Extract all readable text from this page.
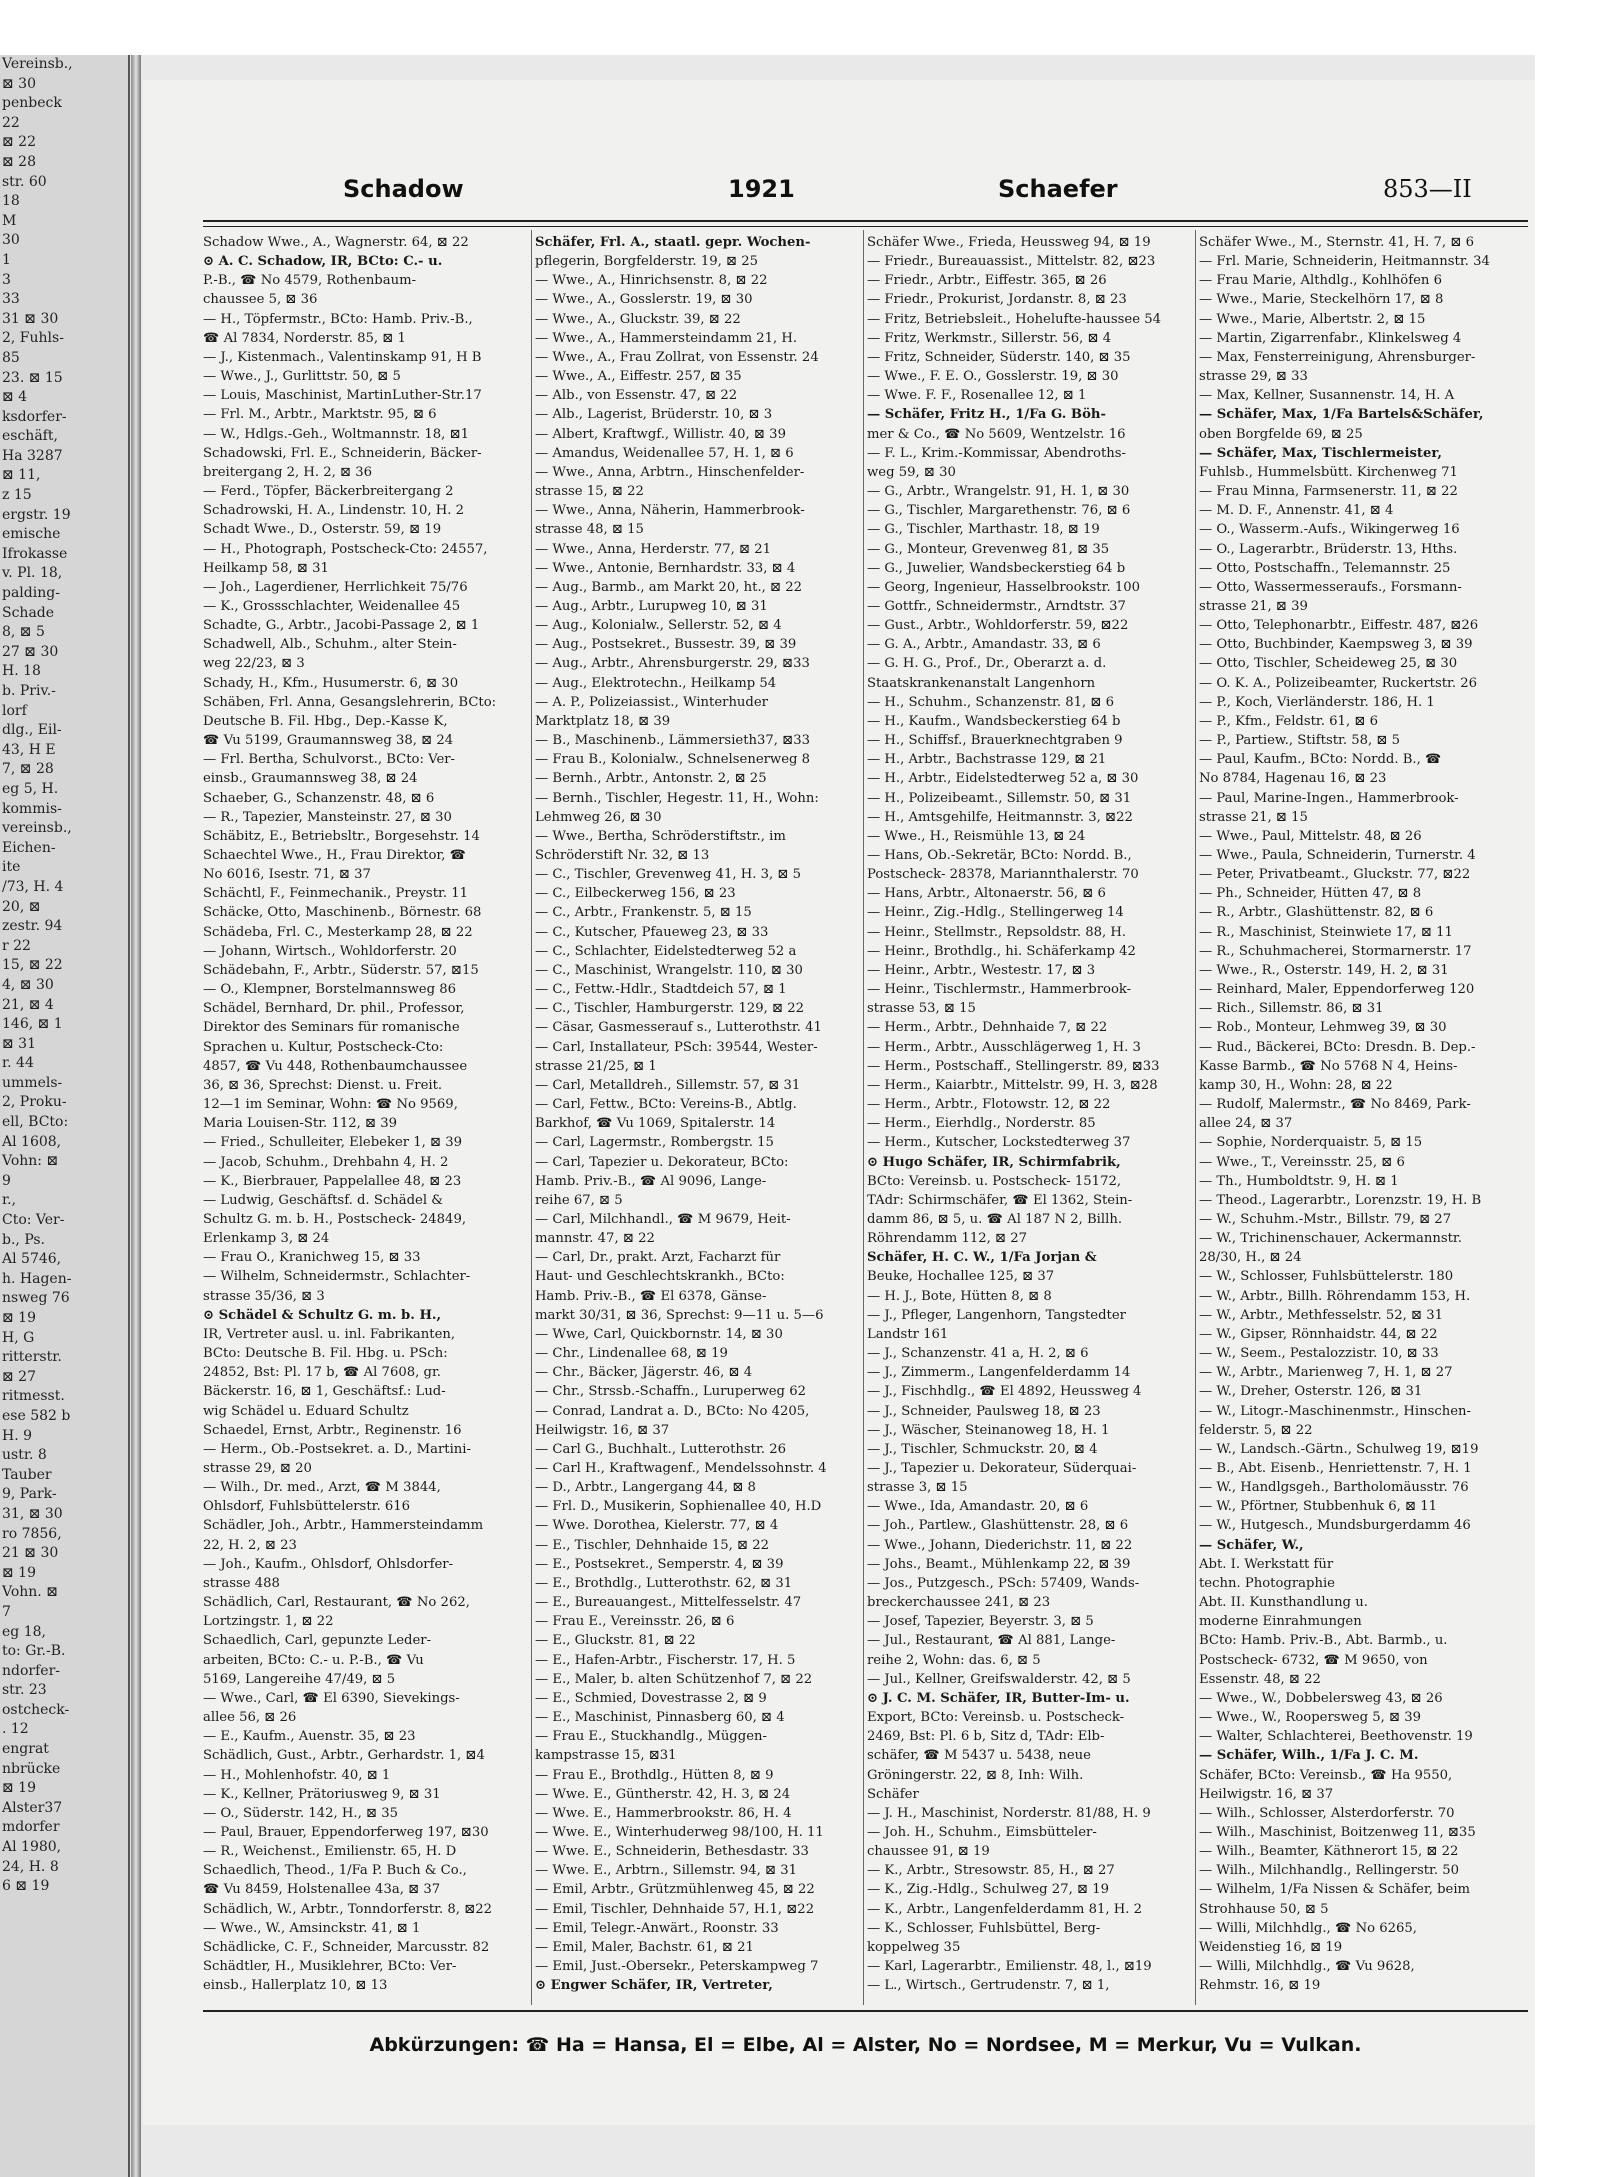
Vereinsb.,
⊠ 30
penbeck
22
⊠ 22
⊠ 28
str. 60
18
M
30
1
3
33
31 ⊠ 30
2, Fuhls-
85
23. ⊠ 15
⊠ 4
ksdorfer-
eschäft,
Ha 3287
⊠ 11,
z 15
ergstr. 19
emische
Ifrokasse
v. Pl. 18,
palding-
Schade
8, ⊠ 5
27 ⊠ 30
H. 18
b. Priv.-
lorf
dlg., Eil-
43, H E
7, ⊠ 28
eg 5, H.
kommis-
vereinsb.,
Eichen-
ite
/73, H. 4
20, ⊠
zestr. 94
r 22
15, ⊠ 22
4, ⊠ 30
21, ⊠ 4
146, ⊠ 1
⊠ 31
r. 44
ummels-
2, Proku-
ell, BCto:
Al 1608,
Vohn: ⊠
9
r.,
Cto: Ver-
b., Ps.
Al 5746,
h. Hagen-
nsweg 76
⊠ 19
H, G
ritterstr.
⊠ 27
ritmesst.
ese 582 b
H. 9
ustr. 8
Tauber
9, Park-
31, ⊠ 30
ro 7856,
21 ⊠ 30
⊠ 19
Vohn. ⊠
7
eg 18,
to: Gr.-B.
ndorfer-
str. 23
ostcheck-
. 12
engrat
nbrücke
⊠ 19
Alster37
mdorfer
Al 1980,
24, H. 8
6 ⊠ 19
Schadow	1921	Schaefer	853—II
Schadow Wwe., A., Wagnerstr. 64, ⊠ 22
⊙ A. C. Schadow, IR, BCto: C.- u.
P.-B., ☎ No 4579, Rothenbaum-
chaussee 5, ⊠ 36
— H., Töpfermstr., BCto: Hamb. Priv.-B.,
☎ Al 7834, Norderstr. 85, ⊠ 1
— J., Kistenmach., Valentinskamp 91, H B
— Wwe., J., Gurlittstr. 50, ⊠ 5
— Louis, Maschinist, MartinLuther-Str.17
— Frl. M., Arbtr., Marktstr. 95, ⊠ 6
— W., Hdlgs.-Geh., Woltmannstr. 18, ⊠1
Schadowski, Frl. E., Schneiderin, Bäcker-
breitergang 2, H. 2, ⊠ 36
— Ferd., Töpfer, Bäckerbreitergang 2
Schadrowski, H. A., Lindenstr. 10, H. 2
Schadt Wwe., D., Osterstr. 59, ⊠ 19
— H., Photograph, Postscheck-Cto: 24557,
Heilkamp 58, ⊠ 31
— Joh., Lagerdiener, Herrlichkeit 75/76
— K., Grossschlachter, Weidenallee 45
Schadte, G., Arbtr., Jacobi-Passage 2, ⊠ 1
Schadwell, Alb., Schuhm., alter Stein-
weg 22/23, ⊠ 3
Schady, H., Kfm., Husumerstr. 6, ⊠ 30
Schäben, Frl. Anna, Gesangslehrerin, BCto:
Deutsche B. Fil. Hbg., Dep.-Kasse K,
☎ Vu 5199, Graumannsweg 38, ⊠ 24
— Frl. Bertha, Schulvorst., BCto: Ver-
einsb., Graumannsweg 38, ⊠ 24
Schaeber, G., Schanzenstr. 48, ⊠ 6
— R., Tapezier, Mansteinstr. 27, ⊠ 30
Schäbitz, E., Betriebsltr., Borgesehstr. 14
Schaechtel Wwe., H., Frau Direktor, ☎
No 6016, Isestr. 71, ⊠ 37
Schächtl, F., Feinmechanik., Preystr. 11
Schäcke, Otto, Maschinenb., Börnestr. 68
Schädeba, Frl. C., Mesterkamp 28, ⊠ 22
— Johann, Wirtsch., Wohldorferstr. 20
Schädebahn, F., Arbtr., Süderstr. 57, ⊠15
— O., Klempner, Borstelmannsweg 86
Schädel, Bernhard, Dr. phil., Professor,
Direktor des Seminars für romanische
Sprachen u. Kultur, Postscheck-Cto:
4857, ☎ Vu 448, Rothenbaumchaussee
36, ⊠ 36, Sprechst: Dienst. u. Freit.
12—1 im Seminar, Wohn: ☎ No 9569,
Maria Louisen-Str. 112, ⊠ 39
— Fried., Schulleiter, Elebeker 1, ⊠ 39
— Jacob, Schuhm., Drehbahn 4, H. 2
— K., Bierbrauer, Pappelallee 48, ⊠ 23
— Ludwig, Geschäftsf. d. Schädel &
Schultz G. m. b. H., Postscheck- 24849,
Erlenkamp 3, ⊠ 24
— Frau O., Kranichweg 15, ⊠ 33
— Wilhelm, Schneidermstr., Schlachter-
strasse 35/36, ⊠ 3
⊙ Schädel & Schultz G. m. b. H.,
IR, Vertreter ausl. u. inl. Fabrikanten,
BCto: Deutsche B. Fil. Hbg. u. PSch:
24852, Bst: Pl. 17 b, ☎ Al 7608, gr.
Bäckerstr. 16, ⊠ 1, Geschäftsf.: Lud-
wig Schädel u. Eduard Schultz
Schaedel, Ernst, Arbtr., Reginenstr. 16
— Herm., Ob.-Postsekret. a. D., Martini-
strasse 29, ⊠ 20
— Wilh., Dr. med., Arzt, ☎ M 3844,
Ohlsdorf, Fuhlsbüttelerstr. 616
Schädler, Joh., Arbtr., Hammersteindamm
22, H. 2, ⊠ 23
— Joh., Kaufm., Ohlsdorf, Ohlsdorfer-
strasse 488
Schädlich, Carl, Restaurant, ☎ No 262,
Lortzingstr. 1, ⊠ 22
Schaedlich, Carl, gepunzte Leder-
arbeiten, BCto: C.- u. P.-B., ☎ Vu
5169, Langereihe 47/49, ⊠ 5
— Wwe., Carl, ☎ El 6390, Sievekings-
allee 56, ⊠ 26
— E., Kaufm., Auenstr. 35, ⊠ 23
Schädlich, Gust., Arbtr., Gerhardstr. 1, ⊠4
— H., Mohlenhofstr. 40, ⊠ 1
— K., Kellner, Prätoriusweg 9, ⊠ 31
— O., Süderstr. 142, H., ⊠ 35
— Paul, Brauer, Eppendorferweg 197, ⊠30
— R., Weichenst., Emilienstr. 65, H. D
Schaedlich, Theod., 1/Fa P. Buch & Co.,
☎ Vu 8459, Holstenallee 43a, ⊠ 37
Schädlich, W., Arbtr., Tonndorferstr. 8, ⊠22
— Wwe., W., Amsinckstr. 41, ⊠ 1
Schädlicke, C. F., Schneider, Marcusstr. 82
Schädtler, H., Musiklehrer, BCto: Ver-
einsb., Hallerplatz 10, ⊠ 13
Schäfer, Frl. A., staatl. gepr. Wochen-
pflegerin, Borgfelderstr. 19, ⊠ 25
— Wwe., A., Hinrichsenstr. 8, ⊠ 22
— Wwe., A., Gosslerstr. 19, ⊠ 30
— Wwe., A., Gluckstr. 39, ⊠ 22
— Wwe., A., Hammersteindamm 21, H.
— Wwe., A., Frau Zollrat, von Essenstr. 24
— Wwe., A., Eiffestr. 257, ⊠ 35
— Alb., von Essenstr. 47, ⊠ 22
— Alb., Lagerist, Brüderstr. 10, ⊠ 3
— Albert, Kraftwgf., Willistr. 40, ⊠ 39
— Amandus, Weidenallee 57, H. 1, ⊠ 6
— Wwe., Anna, Arbtrn., Hinschenfelder-
strasse 15, ⊠ 22
— Wwe., Anna, Näherin, Hammerbrook-
strasse 48, ⊠ 15
— Wwe., Anna, Herderstr. 77, ⊠ 21
— Wwe., Antonie, Bernhardstr. 33, ⊠ 4
— Aug., Barmb., am Markt 20, ht., ⊠ 22
— Aug., Arbtr., Lurupweg 10, ⊠ 31
— Aug., Kolonialw., Sellerstr. 52, ⊠ 4
— Aug., Postsekret., Bussestr. 39, ⊠ 39
— Aug., Arbtr., Ahrensburgerstr. 29, ⊠33
— Aug., Elektrotechn., Heilkamp 54
— A. P., Polizeiassist., Winterhuder
Marktplatz 18, ⊠ 39
— B., Maschinenb., Lämmersieth37, ⊠33
— Frau B., Kolonialw., Schnelsenerweg 8
— Bernh., Arbtr., Antonstr. 2, ⊠ 25
— Bernh., Tischler, Hegestr. 11, H., Wohn:
Lehmweg 26, ⊠ 30
— Wwe., Bertha, Schröderstiftstr., im
Schröderstift Nr. 32, ⊠ 13
— C., Tischler, Grevenweg 41, H. 3, ⊠ 5
— C., Eilbeckerweg 156, ⊠ 23
— C., Arbtr., Frankenstr. 5, ⊠ 15
— C., Kutscher, Pfaueweg 23, ⊠ 33
— C., Schlachter, Eidelstedterweg 52 a
— C., Maschinist, Wrangelstr. 110, ⊠ 30
— C., Fettw.-Hdlr., Stadtdeich 57, ⊠ 1
— C., Tischler, Hamburgerstr. 129, ⊠ 22
— Cäsar, Gasmesserauf s., Lutterothstr. 41
— Carl, Installateur, PSch: 39544, Wester-
strasse 21/25, ⊠ 1
— Carl, Metalldreh., Sillemstr. 57, ⊠ 31
— Carl, Fettw., BCto: Vereins-B., Abtlg.
Barkhof, ☎ Vu 1069, Spitalerstr. 14
— Carl, Lagermstr., Rombergstr. 15
— Carl, Tapezier u. Dekorateur, BCto:
Hamb. Priv.-B., ☎ Al 9096, Lange-
reihe 67, ⊠ 5
— Carl, Milchhandl., ☎ M 9679, Heit-
mannstr. 47, ⊠ 22
— Carl, Dr., prakt. Arzt, Facharzt für
Haut- und Geschlechtskrankh., BCto:
Hamb. Priv.-B., ☎ El 6378, Gänse-
markt 30/31, ⊠ 36, Sprechst: 9—11 u. 5—6
— Wwe, Carl, Quickbornstr. 14, ⊠ 30
— Chr., Lindenallee 68, ⊠ 19
— Chr., Bäcker, Jägerstr. 46, ⊠ 4
— Chr., Strssb.-Schaffn., Luruperweg 62
— Conrad, Landrat a. D., BCto: No 4205,
Heilwigstr. 16, ⊠ 37
— Carl G., Buchhalt., Lutterothstr. 26
— Carl H., Kraftwagenf., Mendelssohnstr. 4
— D., Arbtr., Langergang 44, ⊠ 8
— Frl. D., Musikerin, Sophienallee 40, H.D
— Wwe. Dorothea, Kielerstr. 77, ⊠ 4
— E., Tischler, Dehnhaide 15, ⊠ 22
— E., Postsekret., Semperstr. 4, ⊠ 39
— E., Brothdlg., Lutterothstr. 62, ⊠ 31
— E., Bureauangest., Mittelfesselstr. 47
— Frau E., Vereinsstr. 26, ⊠ 6
— E., Gluckstr. 81, ⊠ 22
— E., Hafen-Arbtr., Fischerstr. 17, H. 5
— E., Maler, b. alten Schützenhof 7, ⊠ 22
— E., Schmied, Dovestrasse 2, ⊠ 9
— E., Maschinist, Pinnasberg 60, ⊠ 4
— Frau E., Stuckhandlg., Müggen-
kampstrasse 15, ⊠31
— Frau E., Brothdlg., Hütten 8, ⊠ 9
— Wwe. E., Güntherstr. 42, H. 3, ⊠ 24
— Wwe. E., Hammerbrookstr. 86, H. 4
— Wwe. E., Winterhuderweg 98/100, H. 11
— Wwe. E., Schneiderin, Bethesdastr. 33
— Wwe. E., Arbtrn., Sillemstr. 94, ⊠ 31
— Emil, Arbtr., Grützmühlenweg 45, ⊠ 22
— Emil, Tischler, Dehnhaide 57, H.1, ⊠22
— Emil, Telegr.-Anwärt., Roonstr. 33
— Emil, Maler, Bachstr. 61, ⊠ 21
— Emil, Just.-Obersekr., Peterskampweg 7
⊙ Engwer Schäfer, IR, Vertreter,
Schäfer Wwe., Frieda, Heussweg 94, ⊠ 19
— Friedr., Bureauassist., Mittelstr. 82, ⊠23
— Friedr., Arbtr., Eiffestr. 365, ⊠ 26
— Friedr., Prokurist, Jordanstr. 8, ⊠ 23
— Fritz, Betriebsleit., Hohelufte-haussee 54
— Fritz, Werkmstr., Sillerstr. 56, ⊠ 4
— Fritz, Schneider, Süderstr. 140, ⊠ 35
— Wwe., F. E. O., Gosslerstr. 19, ⊠ 30
— Wwe. F. F., Rosenallee 12, ⊠ 1
— Schäfer, Fritz H., 1/Fa G. Böh-
mer & Co., ☎ No 5609, Wentzelstr. 16
— F. L., Krim.-Kommissar, Abendroths-
weg 59, ⊠ 30
— G., Arbtr., Wrangelstr. 91, H. 1, ⊠ 30
— G., Tischler, Margarethenstr. 76, ⊠ 6
— G., Tischler, Marthastr. 18, ⊠ 19
— G., Monteur, Grevenweg 81, ⊠ 35
— G., Juwelier, Wandsbeckerstieg 64 b
— Georg, Ingenieur, Hasselbrookstr. 100
— Gottfr., Schneidermstr., Arndtstr. 37
— Gust., Arbtr., Wohldorferstr. 59, ⊠22
— G. A., Arbtr., Amandastr. 33, ⊠ 6
— G. H. G., Prof., Dr., Oberarzt a. d.
Staatskrankenanstalt Langenhorn
— H., Schuhm., Schanzenstr. 81, ⊠ 6
— H., Kaufm., Wandsbeckerstieg 64 b
— H., Schiffsf., Brauerknechtgraben 9
— H., Arbtr., Bachstrasse 129, ⊠ 21
— H., Arbtr., Eidelstedterweg 52 a, ⊠ 30
— H., Polizeibeamt., Sillemstr. 50, ⊠ 31
— H., Amtsgehilfe, Heitmannstr. 3, ⊠22
— Wwe., H., Reismühle 13, ⊠ 24
— Hans, Ob.-Sekretär, BCto: Nordd. B.,
Postscheck- 28378, Mariannthalerstr. 70
— Hans, Arbtr., Altonaerstr. 56, ⊠ 6
— Heinr., Zig.-Hdlg., Stellingerweg 14
— Heinr., Stellmstr., Repsoldstr. 88, H.
— Heinr., Brothdlg., hi. Schäferkamp 42
— Heinr., Arbtr., Westestr. 17, ⊠ 3
— Heinr., Tischlermstr., Hammerbrook-
strasse 53, ⊠ 15
— Herm., Arbtr., Dehnhaide 7, ⊠ 22
— Herm., Arbtr., Ausschlägerweg 1, H. 3
— Herm., Postschaff., Stellingerstr. 89, ⊠33
— Herm., Kaiarbtr., Mittelstr. 99, H. 3, ⊠28
— Herm., Arbtr., Flotowstr. 12, ⊠ 22
— Herm., Eierhdlg., Norderstr. 85
— Herm., Kutscher, Lockstedterweg 37
⊙ Hugo Schäfer, IR, Schirmfabrik,
BCto: Vereinsb. u. Postscheck- 15172,
TAdr: Schirmschäfer, ☎ El 1362, Stein-
damm 86, ⊠ 5, u. ☎ Al 187 N 2, Billh.
Röhrendamm 112, ⊠ 27
Schäfer, H. C. W., 1/Fa Jorjan &
Beuke, Hochallee 125, ⊠ 37
— H. J., Bote, Hütten 8, ⊠ 8
— J., Pfleger, Langenhorn, Tangstedter
Landstr 161
— J., Schanzenstr. 41 a, H. 2, ⊠ 6
— J., Zimmerm., Langenfelderdamm 14
— J., Fischhdlg., ☎ El 4892, Heussweg 4
— J., Schneider, Paulsweg 18, ⊠ 23
— J., Wäscher, Steinanoweg 18, H. 1
— J., Tischler, Schmuckstr. 20, ⊠ 4
— J., Tapezier u. Dekorateur, Süderquai-
strasse 3, ⊠ 15
— Wwe., Ida, Amandastr. 20, ⊠ 6
— Joh., Partlew., Glashüttenstr. 28, ⊠ 6
— Wwe., Johann, Diederichstr. 11, ⊠ 22
— Johs., Beamt., Mühlenkamp 22, ⊠ 39
— Jos., Putzgesch., PSch: 57409, Wands-
breckerchaussee 241, ⊠ 23
— Josef, Tapezier, Beyerstr. 3, ⊠ 5
— Jul., Restaurant, ☎ Al 881, Lange-
reihe 2, Wohn: das. 6, ⊠ 5
— Jul., Kellner, Greifswalderstr. 42, ⊠ 5
⊙ J. C. M. Schäfer, IR, Butter-Im- u.
Export, BCto: Vereinsb. u. Postscheck-
2469, Bst: Pl. 6 b, Sitz d, TAdr: Elb-
schäfer, ☎ M 5437 u. 5438, neue
Gröningerstr. 22, ⊠ 8, Inh: Wilh.
Schäfer
— J. H., Maschinist, Norderstr. 81/88, H. 9
— Joh. H., Schuhm., Eimsbütteler-
chaussee 91, ⊠ 19
— K., Arbtr., Stresowstr. 85, H., ⊠ 27
— K., Zig.-Hdlg., Schulweg 27, ⊠ 19
— K., Arbtr., Langenfelderdamm 81, H. 2
— K., Schlosser, Fuhlsbüttel, Berg-
koppelweg 35
— Karl, Lagerarbtr., Emilienstr. 48, l., ⊠19
— L., Wirtsch., Gertrudenstr. 7, ⊠ 1,
Schäfer Wwe., M., Sternstr. 41, H. 7, ⊠ 6
— Frl. Marie, Schneiderin, Heitmannstr. 34
— Frau Marie, Althdlg., Kohlhöfen 6
— Wwe., Marie, Steckelhörn 17, ⊠ 8
— Wwe., Marie, Albertstr. 2, ⊠ 15
— Martin, Zigarrenfabr., Klinkelsweg 4
— Max, Fensterreinigung, Ahrensburger-
strasse 29, ⊠ 33
— Max, Kellner, Susannenstr. 14, H. A
— Schäfer, Max, 1/Fa Bartels&Schäfer,
oben Borgfelde 69, ⊠ 25
— Schäfer, Max, Tischlermeister,
Fuhlsb., Hummelsbütt. Kirchenweg 71
— Frau Minna, Farmsenerstr. 11, ⊠ 22
— M. D. F., Annenstr. 41, ⊠ 4
— O., Wasserm.-Aufs., Wikingerweg 16
— O., Lagerarbtr., Brüderstr. 13, Hths.
— Otto, Postschaffn., Telemannstr. 25
— Otto, Wassermesseraufs., Forsmann-
strasse 21, ⊠ 39
— Otto, Telephonarbtr., Eiffestr. 487, ⊠26
— Otto, Buchbinder, Kaempsweg 3, ⊠ 39
— Otto, Tischler, Scheideweg 25, ⊠ 30
— O. K. A., Polizeibeamter, Ruckertstr. 26
— P., Koch, Vierländerstr. 186, H. 1
— P., Kfm., Feldstr. 61, ⊠ 6
— P., Partiew., Stiftstr. 58, ⊠ 5
— Paul, Kaufm., BCto: Nordd. B., ☎
No 8784, Hagenau 16, ⊠ 23
— Paul, Marine-Ingen., Hammerbrook-
strasse 21, ⊠ 15
— Wwe., Paul, Mittelstr. 48, ⊠ 26
— Wwe., Paula, Schneiderin, Turnerstr. 4
— Peter, Privatbeamt., Gluckstr. 77, ⊠22
— Ph., Schneider, Hütten 47, ⊠ 8
— R., Arbtr., Glashüttenstr. 82, ⊠ 6
— R., Maschinist, Steinwiete 17, ⊠ 11
— R., Schuhmacherei, Stormarnerstr. 17
— Wwe., R., Osterstr. 149, H. 2, ⊠ 31
— Reinhard, Maler, Eppendorferweg 120
— Rich., Sillemstr. 86, ⊠ 31
— Rob., Monteur, Lehmweg 39, ⊠ 30
— Rud., Bäckerei, BCto: Dresdn. B. Dep.-
Kasse Barmb., ☎ No 5768 N 4, Heins-
kamp 30, H., Wohn: 28, ⊠ 22
— Rudolf, Malermstr., ☎ No 8469, Park-
allee 24, ⊠ 37
— Sophie, Norderquaistr. 5, ⊠ 15
— Wwe., T., Vereinsstr. 25, ⊠ 6
— Th., Humboldtstr. 9, H. ⊠ 1
— Theod., Lagerarbtr., Lorenzstr. 19, H. B
— W., Schuhm.-Mstr., Billstr. 79, ⊠ 27
— W., Trichinenschauer, Ackermannstr.
28/30, H., ⊠ 24
— W., Schlosser, Fuhlsbüttelerstr. 180
— W., Arbtr., Billh. Röhrendamm 153, H.
— W., Arbtr., Methfesselstr. 52, ⊠ 31
— W., Gipser, Rönnhaidstr. 44, ⊠ 22
— W., Seem., Pestalozzistr. 10, ⊠ 33
— W., Arbtr., Marienweg 7, H. 1, ⊠ 27
— W., Dreher, Osterstr. 126, ⊠ 31
— W., Litogr.-Maschinenmstr., Hinschen-
felderstr. 5, ⊠ 22
— W., Landsch.-Gärtn., Schulweg 19, ⊠19
— B., Abt. Eisenb., Henriettenstr. 7, H. 1
— W., Handlgsgeh., Bartholomäusstr. 76
— W., Pförtner, Stubbenhuk 6, ⊠ 11
— W., Hutgesch., Mundsburgerdamm 46
— Schäfer, W.,
Abt. I. Werkstatt für
techn. Photographie
Abt. II. Kunsthandlung u.
moderne Einrahmungen
BCto: Hamb. Priv.-B., Abt. Barmb., u.
Postscheck- 6732, ☎ M 9650, von
Essenstr. 48, ⊠ 22
— Wwe., W., Dobbelersweg 43, ⊠ 26
— Wwe., W., Roopersweg 5, ⊠ 39
— Walter, Schlachterei, Beethovenstr. 19
— Schäfer, Wilh., 1/Fa J. C. M.
Schäfer, BCto: Vereinsb., ☎ Ha 9550,
Heilwigstr. 16, ⊠ 37
— Wilh., Schlosser, Alsterdorferstr. 70
— Wilh., Maschinist, Boitzenweg 11, ⊠35
— Wilh., Beamter, Käthnerort 15, ⊠ 22
— Wilh., Milchhandlg., Rellingerstr. 50
— Wilhelm, 1/Fa Nissen & Schäfer, beim
Strohhause 50, ⊠ 5
— Willi, Milchhdlg., ☎ No 6265,
Weidenstieg 16, ⊠ 19
— Willi, Milchhdlg., ☎ Vu 9628,
Rehmstr. 16, ⊠ 19
Abkürzungen: ☎ Ha = Hansa, El = Elbe, Al = Alster, No = Nordsee, M = Merkur, Vu = Vulkan.
